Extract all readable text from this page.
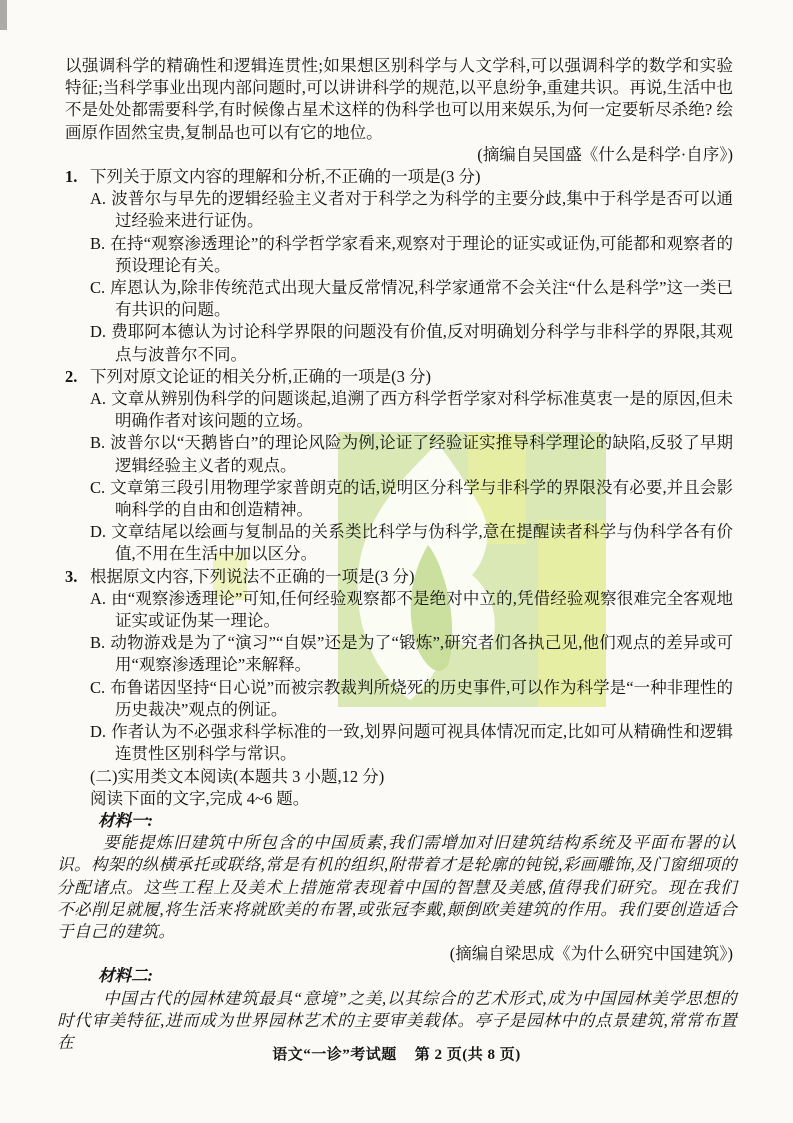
以强调科学的精确性和逻辑连贯性;如果想区别科学与人文学科,可以强调科学的数学和实验特征;当科学事业出现内部问题时,可以讲讲科学的规范,以平息纷争,重建共识。再说,生活中也不是处处都需要科学,有时候像占星术这样的伪科学也可以用来娱乐,为何一定要斩尽杀绝? 绘画原作固然宝贵,复制品也可以有它的地位。

(摘编自吴国盛《什么是科学·自序》)

1. 下列关于原文内容的理解和分析,不正确的一项是(3 分)
A. 波普尔与早先的逻辑经验主义者对于科学之为科学的主要分歧,集中于科学是否可以通过经验来进行证伪。
B. 在持“观察渗透理论”的科学哲学家看来,观察对于理论的证实或证伪,可能都和观察者的预设理论有关。
C. 库恩认为,除非传统范式出现大量反常情况,科学家通常不会关注“什么是科学”这一类已有共识的问题。
D. 费耶阿本德认为讨论科学界限的问题没有价值,反对明确划分科学与非科学的界限,其观点与波普尔不同。
2. 下列对原文论证的相关分析,正确的一项是(3 分)
A. 文章从辨别伪科学的问题谈起,追溯了西方科学哲学家对科学标准莫衷一是的原因,但未明确作者对该问题的立场。
B. 波普尔以“天鹅皆白”的理论风险为例,论证了经验证实推导科学理论的缺陷,反驳了早期逻辑经验主义者的观点。
C. 文章第三段引用物理学家普朗克的话,说明区分科学与非科学的界限没有必要,并且会影响科学的自由和创造精神。
D. 文章结尾以绘画与复制品的关系类比科学与伪科学,意在提醒读者科学与伪科学各有价值,不用在生活中加以区分。
3. 根据原文内容,下列说法不正确的一项是(3 分)
A. 由“观察渗透理论”可知,任何经验观察都不是绝对中立的,凭借经验观察很难完全客观地证实或证伪某一理论。
B. 动物游戏是为了“演习”“自娱”还是为了“锻炼”,研究者们各执己见,他们观点的差异或可用“观察渗透理论”来解释。
C. 布鲁诺因坚持“日心说”而被宗教裁判所烧死的历史事件,可以作为科学是“一种非理性的历史裁决”观点的例证。
D. 作者认为不必强求科学标准的一致,划界问题可视具体情况而定,比如可从精确性和逻辑连贯性区别科学与常识。
(二)实用类文本阅读(本题共 3 小题,12 分)
阅读下面的文字,完成 4~6 题。
材料一:

要能提炼旧建筑中所包含的中国质素,我们需增加对旧建筑结构系统及平面布署的认识。构架的纵横承托或联络,常是有机的组织,附带着才是轮廓的钝锐,彩画雕饰,及门窗细项的分配诸点。这些工程上及美术上措施常表现着中国的智慧及美感,值得我们研究。现在我们不必削足就履,将生活来将就欧美的布署,或张冠李戴,颠倒欧美建筑的作用。我们要创造适合于自己的建筑。

(摘编自梁思成《为什么研究中国建筑》)

材料二:

中国古代的园林建筑最具“意境”之美,以其综合的艺术形式,成为中国园林美学思想的时代审美特征,进而成为世界园林艺术的主要审美载体。亭子是园林中的点景建筑,常常布置在

语文“一诊”考试题 第 2 页(共 8 页)
